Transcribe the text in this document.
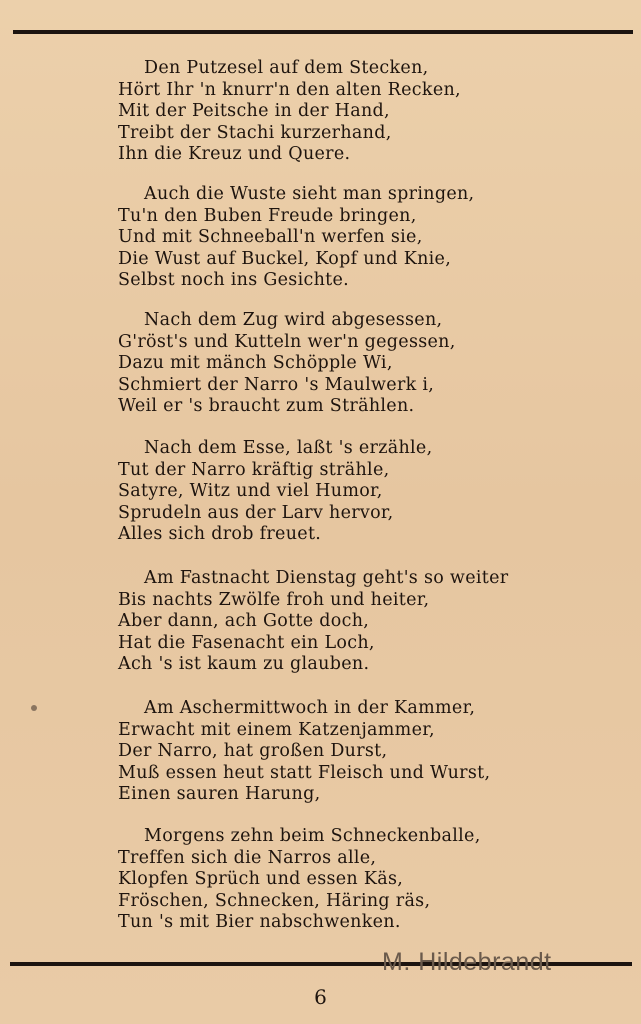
Den Putzesel auf dem Stecken,
Hört Ihr 'n knurr'n den alten Recken,
Mit der Peitsche in der Hand,
Treibt der Stachi kurzerhand,
Ihn die Kreuz und Quere.
Auch die Wuste sieht man springen,
Tu'n den Buben Freude bringen,
Und mit Schneeball'n werfen sie,
Die Wust auf Buckel, Kopf und Knie,
Selbst noch ins Gesichte.
Nach dem Zug wird abgesessen,
G'röst's und Kutteln wer'n gegessen,
Dazu mit mänch Schöpple Wi,
Schmiert der Narro 's Maulwerk i,
Weil er 's braucht zum Strählen.
Nach dem Esse, laßt 's erzähle,
Tut der Narro kräftig strähle,
Satyre, Witz und viel Humor,
Sprudeln aus der Larv hervor,
Alles sich drob freuet.
Am Fastnacht Dienstag geht's so weiter
Bis nachts Zwölfe froh und heiter,
Aber dann, ach Gotte doch,
Hat die Fasenacht ein Loch,
Ach 's ist kaum zu glauben.
Am Aschermittwoch in der Kammer,
Erwacht mit einem Katzenjammer,
Der Narro, hat großen Durst,
Muß essen heut statt Fleisch und Wurst,
Einen sauren Harung,
Morgens zehn beim Schneckenballe,
Treffen sich die Narros alle,
Klopfen Sprüch und essen Käs,
Fröschen, Schnecken, Häring räs,
Tun 's mit Bier nabschwenken.
M. Hildebrandt
6
